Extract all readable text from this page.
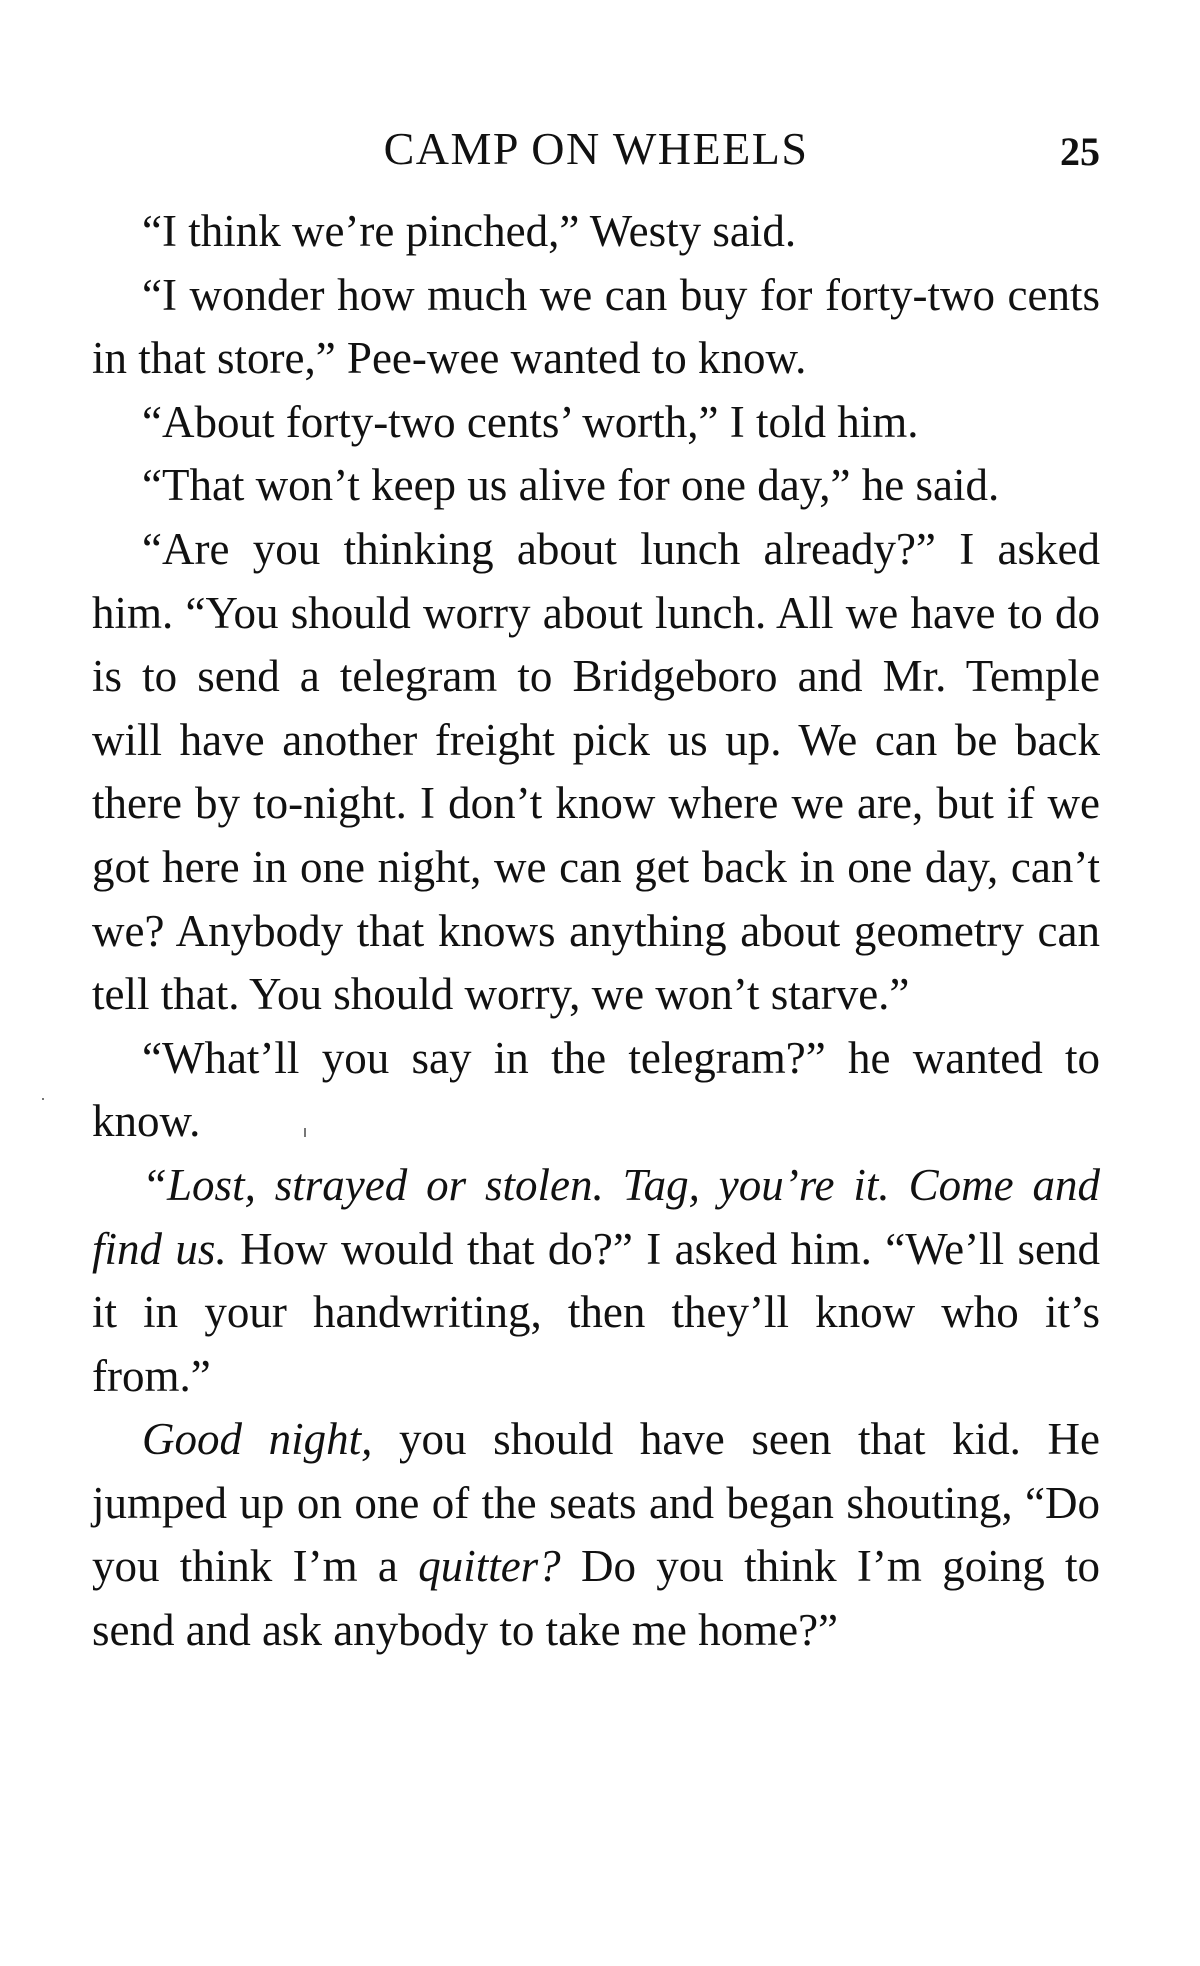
CAMP ON WHEELS	25

“I think we’re pinched,” Westy said.

“I wonder how much we can buy for forty-two cents in that store,” Pee-wee wanted to know.

“About forty-two cents’ worth,” I told him.

“That won’t keep us alive for one day,” he said.

“Are you thinking about lunch already?” I asked him. “You should worry about lunch. All we have to do is to send a telegram to Bridgeboro and Mr. Temple will have another freight pick us up. We can be back there by to-night. I don’t know where we are, but if we got here in one night, we can get back in one day, can’t we? Anybody that knows anything about geometry can tell that. You should worry, we won’t starve.”

“What’ll you say in the telegram?” he wanted to know.

“Lost, strayed or stolen. Tag, you’re it. Come and find us. How would that do?” I asked him. “We’ll send it in your handwriting, then they’ll know who it’s from.”

Good night, you should have seen that kid. He jumped up on one of the seats and began shouting, “Do you think I’m a quitter? Do you think I’m going to send and ask anybody to take me home?”
